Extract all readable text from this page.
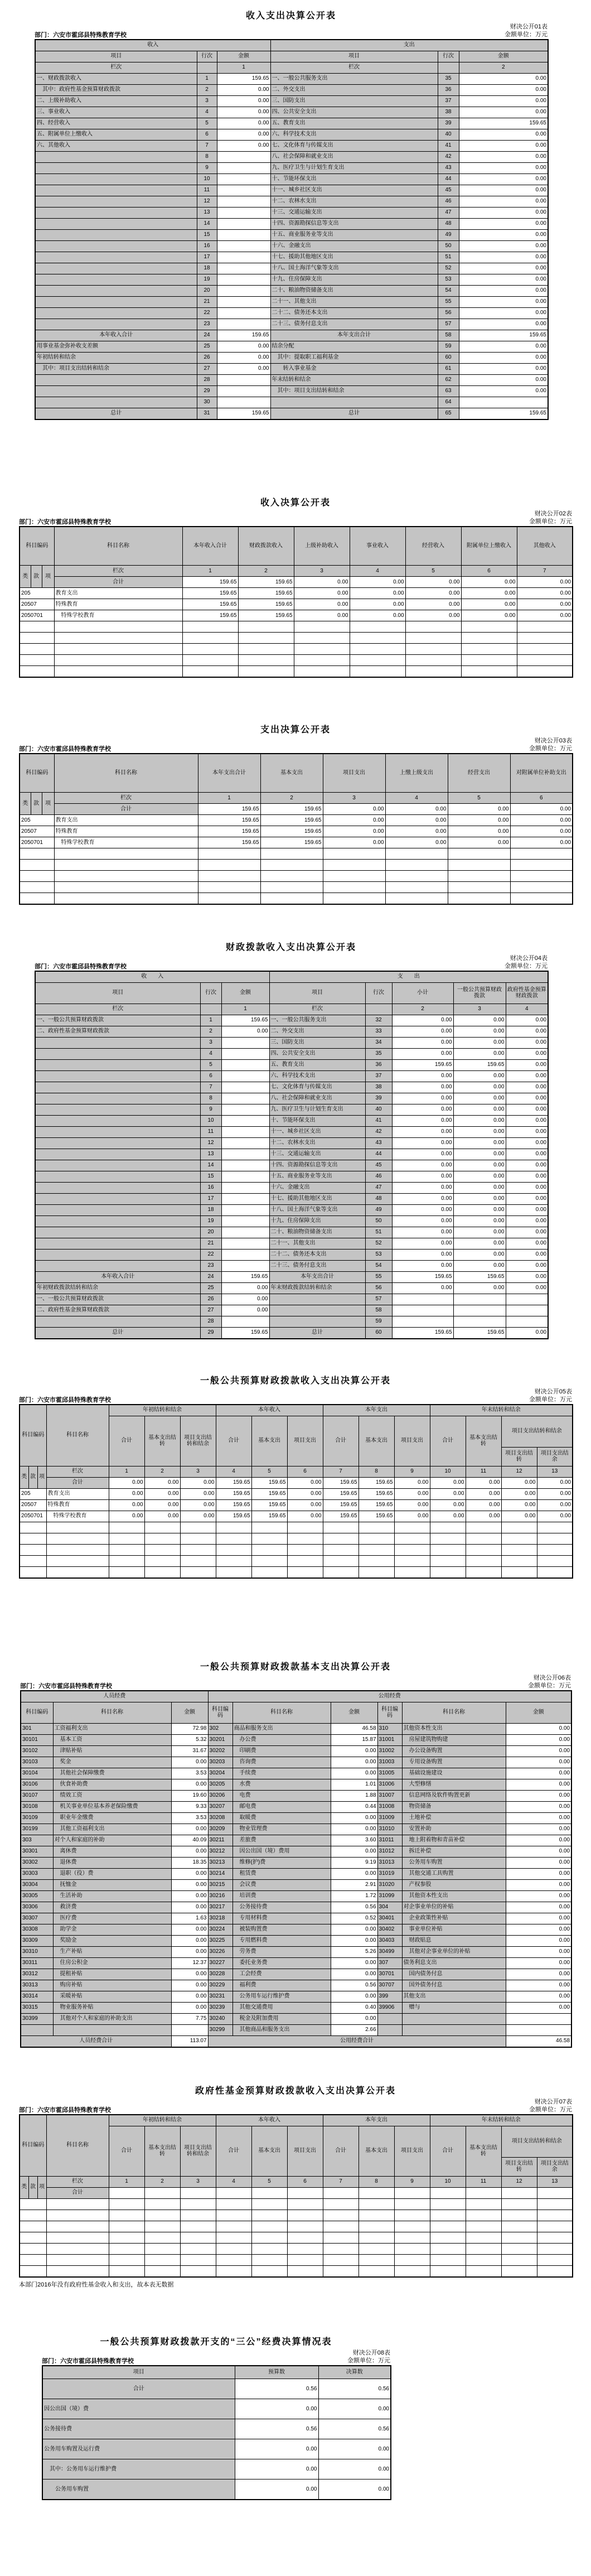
收入支出决算公开表
部门：六安市霍邱县特殊教育学校
财决公开01表
金额单位：万元
收入			支出		
项目	行次	金额	项目	行次	金额
栏次		1	栏次		2
一、财政拨款收入	1	159.65	一、一般公共服务支出	35	0.00
　其中：政府性基金预算财政拨款	2	0.00	二、外交支出	36	0.00
二、上级补助收入	3	0.00	三、国防支出	37	0.00
三、事业收入	4	0.00	四、公共安全支出	38	0.00
四、经营收入	5	0.00	五、教育支出	39	159.65
五、附属单位上缴收入	6	0.00	六、科学技术支出	40	0.00
六、其他收入	7	0.00	七、文化体育与传媒支出	41	0.00
	8		八、社会保障和就业支出	42	0.00
	9		九、医疗卫生与计划生育支出	43	0.00
	10		十、节能环保支出	44	0.00
	11		十一、城乡社区支出	45	0.00
	12		十二、农林水支出	46	0.00
	13		十三、交通运输支出	47	0.00
	14		十四、资源勘探信息等支出	48	0.00
	15		十五、商业服务业等支出	49	0.00
	16		十六、金融支出	50	0.00
	17		十七、援助其他地区支出	51	0.00
	18		十八、国土海洋气象等支出	52	0.00
	19		十九、住房保障支出	53	0.00
	20		二十、粮油物资储备支出	54	0.00
	21		二十一、其他支出	55	0.00
	22		二十二、债务还本支出	56	0.00
	23		二十三、债务付息支出	57	0.00
本年收入合计	24	159.65	本年支出合计	58	159.65
用事业基金弥补收支差额	25	0.00	结余分配	59	0.00
年初结转和结余	26	0.00	　其中：提取职工福利基金	60	0.00
　其中：项目支出结转和结余	27	0.00	　　转入事业基金	61	0.00
	28		年末结转和结余	62	0.00
	29		　其中：项目支出结转和结余	63	0.00
	30			64	
总计	31	159.65	总计	65	159.65
收入决算公开表
部门：六安市霍邱县特殊教育学校
财决公开02表
金额单位：万元
科目编码			科目名称	本年收入合计	财政拨款收入	上级补助收入	事业收入	经营收入	附属单位上缴收入	其他收入
类	款	项	栏次	1	2	3	4	5	6	7
			合计	159.65	159.65	0.00	0.00	0.00	0.00	0.00
205			教育支出	159.65	159.65	0.00	0.00	0.00	0.00	0.00
20507			特殊教育	159.65	159.65	0.00	0.00	0.00	0.00	0.00
2050701			　特殊学校教育	159.65	159.65	0.00	0.00	0.00	0.00	0.00

支出决算公开表
部门：六安市霍邱县特殊教育学校
财决公开03表
金额单位：万元
科目编码			科目名称	本年支出合计	基本支出	项目支出	上缴上级支出	经营支出	对附属单位补助支出
类	款	项	栏次	1	2	3	4	5	6
			合计	159.65	159.65	0.00	0.00	0.00	0.00
205			教育支出	159.65	159.65	0.00	0.00	0.00	0.00
20507			特殊教育	159.65	159.65	0.00	0.00	0.00	0.00
2050701			　特殊学校教育	159.65	159.65	0.00	0.00	0.00	0.00

财政拨款收入支出决算公开表
部门：六安市霍邱县特殊教育学校
财决公开04表
金额单位：万元
收　　入			支　　出				
项目	行次	金额	项目	行次	小计	一般公共预算财政拨款	政府性基金预算财政拨款
栏次		1	栏次		2	3	4
一、一般公共预算财政拨款	1	159.65	一、一般公共服务支出	32	0.00	0.00	0.00
二、政府性基金预算财政拨款	2	0.00	二、外交支出	33	0.00	0.00	0.00
	3		三、国防支出	34	0.00	0.00	0.00
	4		四、公共安全支出	35	0.00	0.00	0.00
	5		五、教育支出	36	159.65	159.65	0.00
	6		六、科学技术支出	37	0.00	0.00	0.00
	7		七、文化体育与传媒支出	38	0.00	0.00	0.00
	8		八、社会保障和就业支出	39	0.00	0.00	0.00
	9		九、医疗卫生与计划生育支出	40	0.00	0.00	0.00
	10		十、节能环保支出	41	0.00	0.00	0.00
	11		十一、城乡社区支出	42	0.00	0.00	0.00
	12		十二、农林水支出	43	0.00	0.00	0.00
	13		十三、交通运输支出	44	0.00	0.00	0.00
	14		十四、资源勘探信息等支出	45	0.00	0.00	0.00
	15		十五、商业服务业等支出	46	0.00	0.00	0.00
	16		十六、金融支出	47	0.00	0.00	0.00
	17		十七、援助其他地区支出	48	0.00	0.00	0.00
	18		十八、国土海洋气象等支出	49	0.00	0.00	0.00
	19		十九、住房保障支出	50	0.00	0.00	0.00
	20		二十、粮油物资储备支出	51	0.00	0.00	0.00
	21		二十一、其他支出	52	0.00	0.00	0.00
	22		二十二、债务还本支出	53	0.00	0.00	0.00
	23		二十三、债务付息支出	54	0.00	0.00	0.00
本年收入合计	24	159.65	本年支出合计	55	159.65	159.65	0.00
年初财政拨款结转和结余	25	0.00	年末财政拨款结转和结余	56	0.00	0.00	0.00
一、一般公共预算财政拨款	26	0.00		57			
二、政府性基金预算财政拨款	27	0.00		58			
	28			59			
总计	29	159.65	总计	60	159.65	159.65	0.00
一般公共预算财政拨款收入支出决算公开表
部门：六安市霍邱县特殊教育学校
财决公开05表
金额单位：万元
科目编码			科目名称	年初结转和结余			本年收入			本年支出			年末结转和结余			
				合计	基本支出结转	项目支出结转和结余	合计	基本支出	项目支出	合计	基本支出	项目支出	合计	基本支出结转	项目支出结转和结余	
															项目支出结转	项目支出结余
类	款	项	栏次	1	2	3	4	5	6	7	8	9	10	11	12	13
			合计	0.00	0.00	0.00	159.65	159.65	0.00	159.65	159.65	0.00	0.00	0.00	0.00	0.00
205			教育支出	0.00	0.00	0.00	159.65	159.65	0.00	159.65	159.65	0.00	0.00	0.00	0.00	0.00
20507			特殊教育	0.00	0.00	0.00	159.65	159.65	0.00	159.65	159.65	0.00	0.00	0.00	0.00	0.00
2050701			　特殊学校教育	0.00	0.00	0.00	159.65	159.65	0.00	159.65	159.65	0.00	0.00	0.00	0.00	0.00

一般公共预算财政拨款基本支出决算公开表
部门：六安市霍邱县特殊教育学校
财决公开06表
金额单位：万元
人员经费			公用经费					
科目编码	科目名称	金额	科目编码	科目名称	金额	科目编码	科目名称	金额
301	工资福利支出	72.98	302	商品和服务支出	46.58	310	其他资本性支出	0.00
30101	　基本工资	5.32	30201	　办公费	15.87	31001	　房屋建筑物购建	0.00
30102	　津贴补贴	31.67	30202	　印刷费	0.00	31002	　办公设备购置	0.00
30103	　奖金	0.00	30203	　咨询费	0.00	31003	　专用设备购置	0.00
30104	　其他社会保障缴费	3.53	30204	　手续费	0.00	31005	　基础设施建设	0.00
30106	　伙食补助费	0.00	30205	　水费	1.01	31006	　大型修缮	0.00
30107	　绩效工资	19.60	30206	　电费	1.88	31007	　信息网络及软件购置更新	0.00
30108	　机关事业单位基本养老保险缴费	9.33	30207	　邮电费	0.44	31008	　物资储备	0.00
30109	　职业年金缴费	3.53	30208	　取暖费	0.00	31009	　土地补偿	0.00
30199	　其他工资福利支出	0.00	30209	　物业管理费	0.00	31010	　安置补助	0.00
303	对个人和家庭的补助	40.09	30211	　差旅费	3.60	31011	　地上附着物和青苗补偿	0.00
30301	　离休费	0.00	30212	　因公出国（境）费用	0.00	31012	　拆迁补偿	0.00
30302	　退休费	18.35	30213	　维修(护)费	9.19	31013	　公务用车购置	0.00
30303	　退职（役）费	0.00	30214	　租赁费	0.00	31019	　其他交通工具购置	0.00
30304	　抚恤金	0.00	30215	　会议费	2.91	31020	　产权参股	0.00
30305	　生活补助	0.00	30216	　培训费	1.72	31099	　其他资本性支出	0.00
30306	　救济费	0.00	30217	　公务接待费	0.56	304	对企事业单位的补贴	0.00
30307	　医疗费	1.63	30218	　专用材料费	0.52	30401	　企业政策性补贴	0.00
30308	　助学金	0.00	30224	　被装购置费	0.00	30402	　事业单位补贴	0.00
30309	　奖励金	0.00	30225	　专用燃料费	0.00	30403	　财政贴息	0.00
30310	　生产补贴	0.00	30226	　劳务费	5.26	30499	　其他对企事业单位的补贴	0.00
30311	　住房公积金	12.37	30227	　委托业务费	0.00	307	债务利息支出	0.00
30312	　提租补贴	0.00	30228	　工会经费	0.00	30701	　国内债务付息	0.00
30313	　购房补贴	0.00	30229	　福利费	0.56	30707	　国外债务付息	0.00
30314	　采暖补贴	0.00	30231	　公务用车运行维护费	0.00	399	其他支出	0.00
30315	　物业服务补贴	0.00	30239	　其他交通费用	0.40	39906	　赠与	0.00
30399	　其他对个人和家庭的补助支出	7.75	30240	　税金及附加费用	0.00			
			30299	　其他商品和服务支出	2.66			
人员经费合计		113.07	公用经费合计					46.58
政府性基金预算财政拨款收入支出决算公开表
部门：六安市霍邱县特殊教育学校
财决公开07表
金额单位：万元
科目编码			科目名称	年初结转和结余			本年收入			本年支出			年末结转和结余			
				合计	基本支出结转	项目支出结转和结余	合计	基本支出	项目支出	合计	基本支出	项目支出	合计	基本支出结转	项目支出结转和结余	
															项目支出结转	项目支出结余
类	款	项	栏次	1	2	3	4	5	6	7	8	9	10	11	12	13
			合计													

本部门2016年没有政府性基金收入和支出，故本表无数据
一般公共预算财政拨款开支的“三公”经费决算情况表
部门：六安市霍邱县特殊教育学校
财决公开08表
金额单位：万元
项目	预算数	决算数
合计	0.56	0.56
因公出国（境）费	0.00	0.00
公务接待费	0.56	0.56
公务用车购置及运行费	0.00	0.00
　其中：公务用车运行维护费	0.00	0.00
　　公务用车购置	0.00	0.00
